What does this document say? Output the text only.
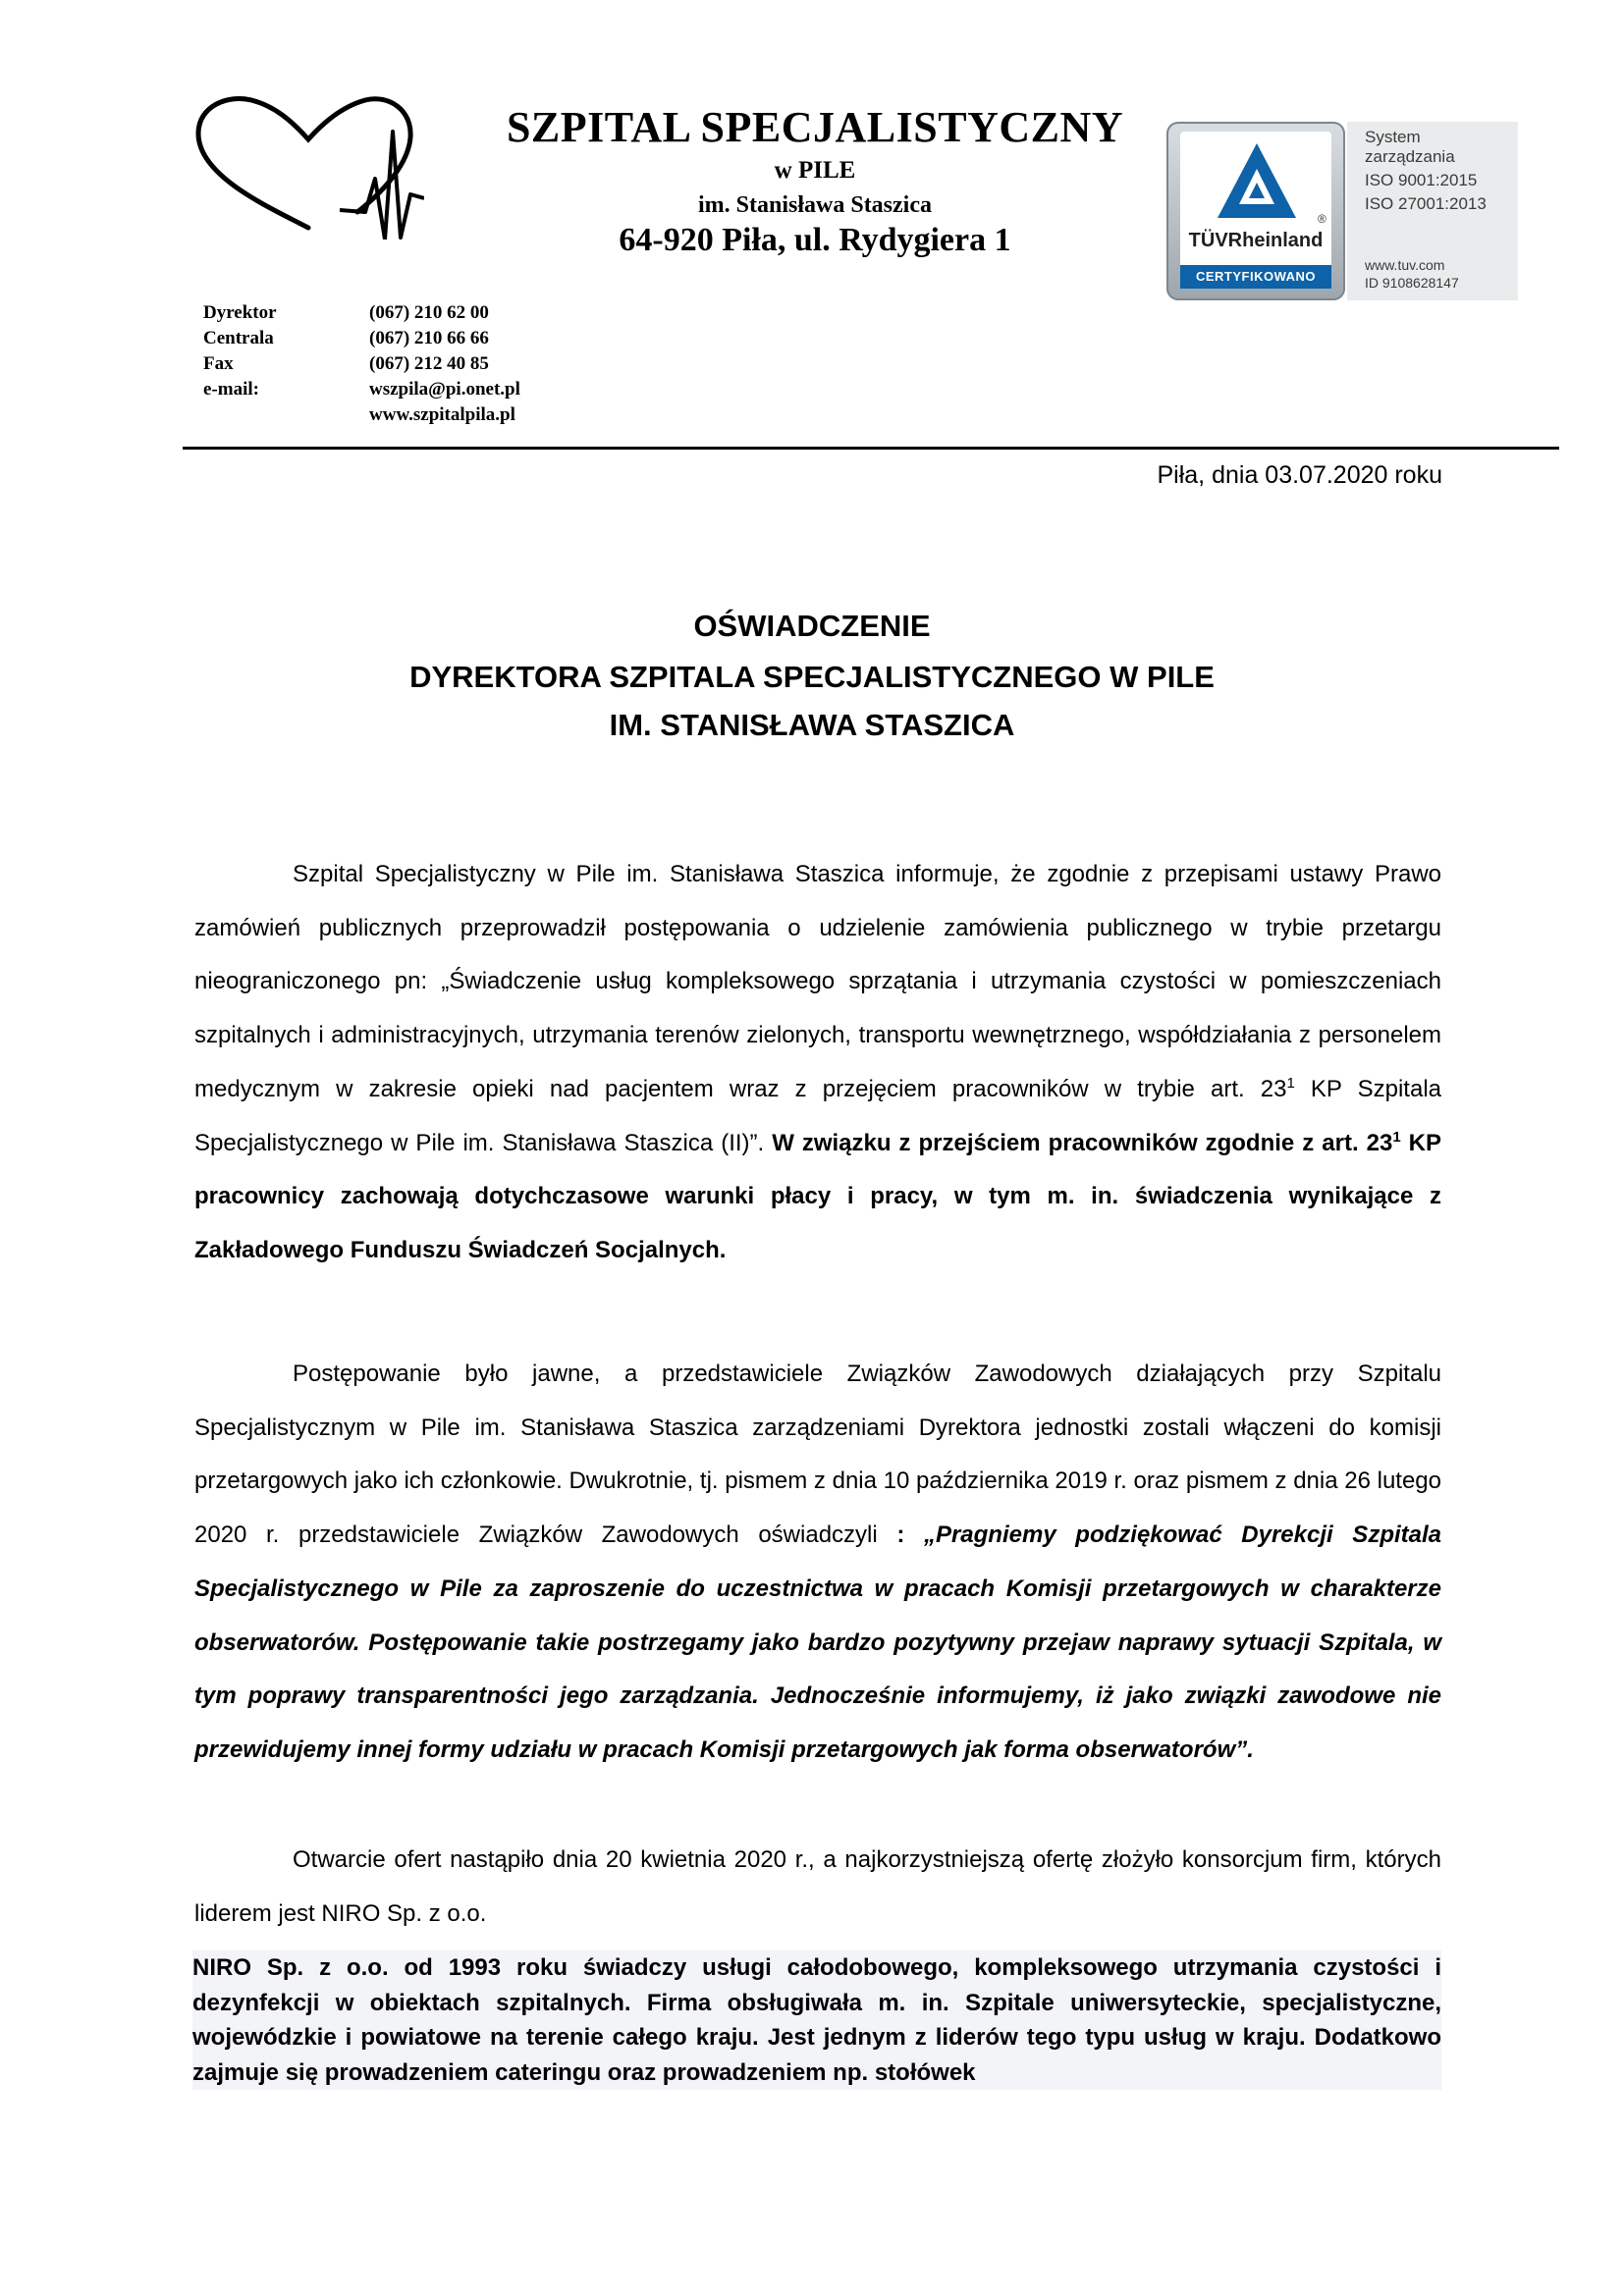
SZPITAL SPECJALISTYCZNY
w PILE
im. Stanisława Staszica
64-920 Piła, ul. Rydygiera 1
®
TÜVRheinland
CERTYFIKOWANO
System
zarządzania
ISO 9001:2015
ISO 27001:2013
www.tuv.com
ID 9108628147
Dyrektor
Centrala
Fax
e-mail:
(067) 210 62 00
(067) 210 66 66
(067) 212 40 85
wszpila@pi.onet.pl
www.szpitalpila.pl
Piła, dnia 03.07.2020 roku
OŚWIADCZENIE
DYREKTORA SZPITALA SPECJALISTYCZNEGO W PILE
IM. STANISŁAWA STASZICA

Szpital Specjalistyczny w Pile im. Stanisława Staszica informuje, że zgodnie z przepisami ustawy Prawo zamówień publicznych przeprowadził postępowania o udzielenie zamówienia publicznego w trybie przetargu nieograniczonego pn: „Świadczenie usług kompleksowego sprzątania i utrzymania czystości w pomieszczeniach szpitalnych i administracyjnych, utrzymania terenów zielonych, transportu wewnętrznego, współdziałania z personelem medycznym w zakresie opieki nad pacjentem wraz z przejęciem pracowników w trybie art. $23^1$ KP Szpitala Specjalistycznego w Pile im. Stanisława Staszica (II)”. W związku z przejściem pracowników zgodnie z art. $23^1$ KP pracownicy zachowają dotychczasowe warunki płacy i pracy, w tym m. in. świadczenia wynikające z Zakładowego Funduszu Świadczeń Socjalnych.

Postępowanie było jawne, a przedstawiciele Związków Zawodowych działających przy Szpitalu Specjalistycznym w Pile im. Stanisława Staszica zarządzeniami Dyrektora jednostki zostali włączeni do komisji przetargowych jako ich członkowie. Dwukrotnie, tj. pismem z dnia 10 października 2019 r. oraz pismem z dnia 26 lutego 2020 r. przedstawiciele Związków Zawodowych oświadczyli : „Pragniemy podziękować Dyrekcji Szpitala Specjalistycznego w Pile za zaproszenie do uczestnictwa w pracach Komisji przetargowych w charakterze obserwatorów. Postępowanie takie postrzegamy jako bardzo pozytywny przejaw naprawy sytuacji Szpitala, w tym poprawy transparentności jego zarządzania. Jednocześnie informujemy, iż jako związki zawodowe nie przewidujemy innej formy udziału w pracach Komisji przetargowych jak forma obserwatorów”.

Otwarcie ofert nastąpiło dnia 20 kwietnia 2020 r., a najkorzystniejszą ofertę złożyło konsorcjum firm, których liderem jest NIRO Sp. z o.o.

NIRO Sp. z o.o. od 1993 roku świadczy usługi całodobowego, kompleksowego utrzymania czystości i dezynfekcji w obiektach szpitalnych. Firma obsługiwała m. in. Szpitale uniwersyteckie, specjalistyczne, wojewódzkie i powiatowe na terenie całego kraju. Jest jednym z liderów tego typu usług w kraju. Dodatkowo zajmuje się prowadzeniem cateringu oraz prowadzeniem np. stołówek
